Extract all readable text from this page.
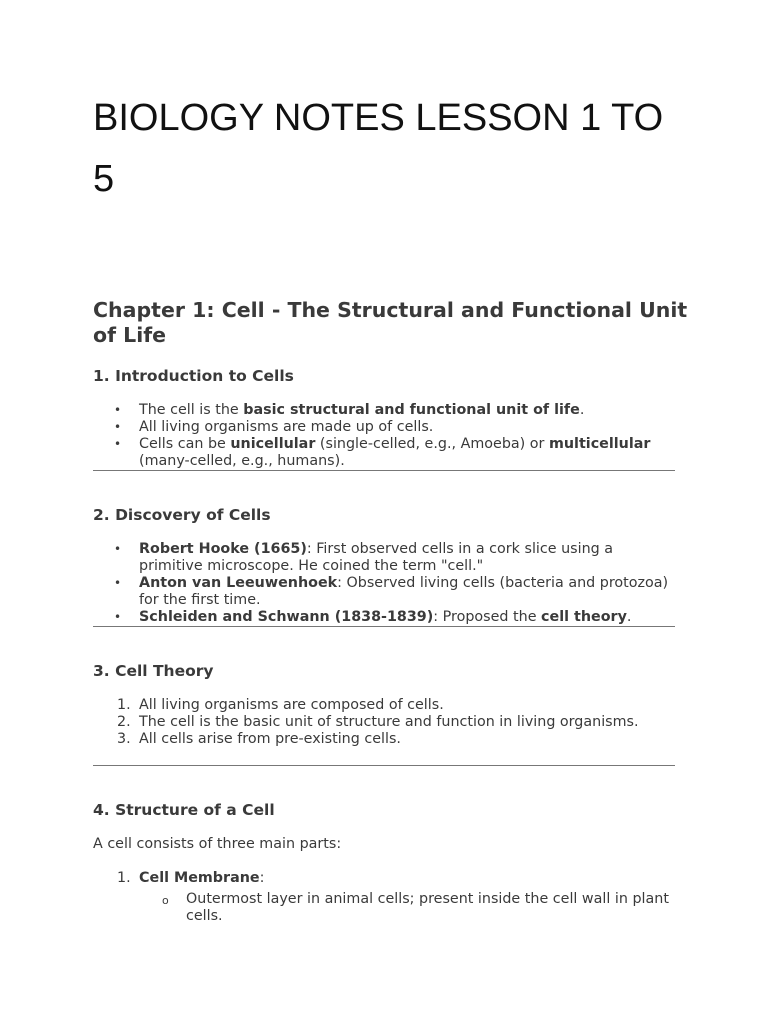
BIOLOGY NOTES LESSON 1 TO 5
Chapter 1: Cell - The Structural and Functional Unit of Life
1. Introduction to Cells
• The cell is the basic structural and functional unit of life.
• All living organisms are made up of cells.
• Cells can be unicellular (single-celled, e.g., Amoeba) or multicellular (many-celled, e.g., humans).
2. Discovery of Cells
• Robert Hooke (1665): First observed cells in a cork slice using a primitive microscope. He coined the term "cell."
• Anton van Leeuwenhoek: Observed living cells (bacteria and protozoa) for the first time.
• Schleiden and Schwann (1838-1839): Proposed the cell theory.
3. Cell Theory
1. All living organisms are composed of cells.
2. The cell is the basic unit of structure and function in living organisms.
3. All cells arise from pre-existing cells.
4. Structure of a Cell

A cell consists of three main parts:

1. Cell Membrane:
o Outermost layer in animal cells; present inside the cell wall in plant cells.
